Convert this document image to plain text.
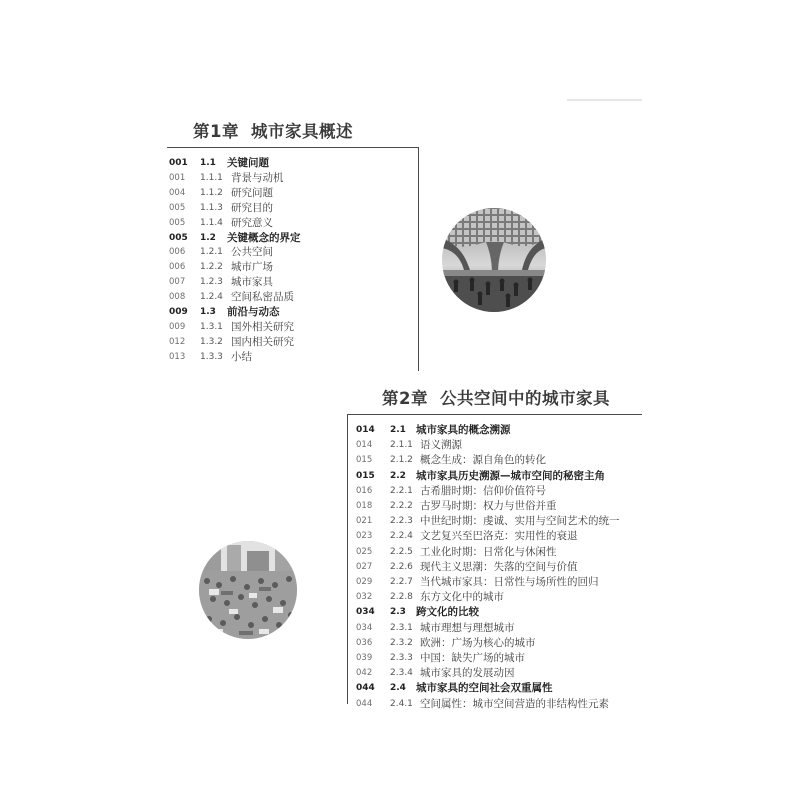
第1章 城市家具概述
001 1.1 关键问题
001 1.1.1 背景与动机
004 1.1.2 研究问题
005 1.1.3 研究目的
005 1.1.4 研究意义
005 1.2 关键概念的界定
006 1.2.1 公共空间
006 1.2.2 城市广场
007 1.2.3 城市家具
008 1.2.4 空间私密品质
009 1.3 前沿与动态
009 1.3.1 国外相关研究
012 1.3.2 国内相关研究
013 1.3.3 小结
第2章 公共空间中的城市家具
014 2.1 城市家具的概念溯源
014 2.1.1 语义溯源
015 2.1.2 概念生成：源自角色的转化
015 2.2 城市家具历史溯源—城市空间的秘密主角
016 2.2.1 古希腊时期：信仰价值符号
018 2.2.2 古罗马时期：权力与世俗并重
021 2.2.3 中世纪时期：虔诚、实用与空间艺术的统一
023 2.2.4 文艺复兴至巴洛克：实用性的衰退
025 2.2.5 工业化时期：日常化与休闲性
027 2.2.6 现代主义思潮：失落的空间与价值
029 2.2.7 当代城市家具：日常性与场所性的回归
032 2.2.8 东方文化中的城市
034 2.3 跨文化的比较
034 2.3.1 城市理想与理想城市
036 2.3.2 欧洲：广场为核心的城市
039 2.3.3 中国：缺失广场的城市
042 2.3.4 城市家具的发展动因
044 2.4 城市家具的空间社会双重属性
044 2.4.1 空间属性：城市空间营造的非结构性元素
